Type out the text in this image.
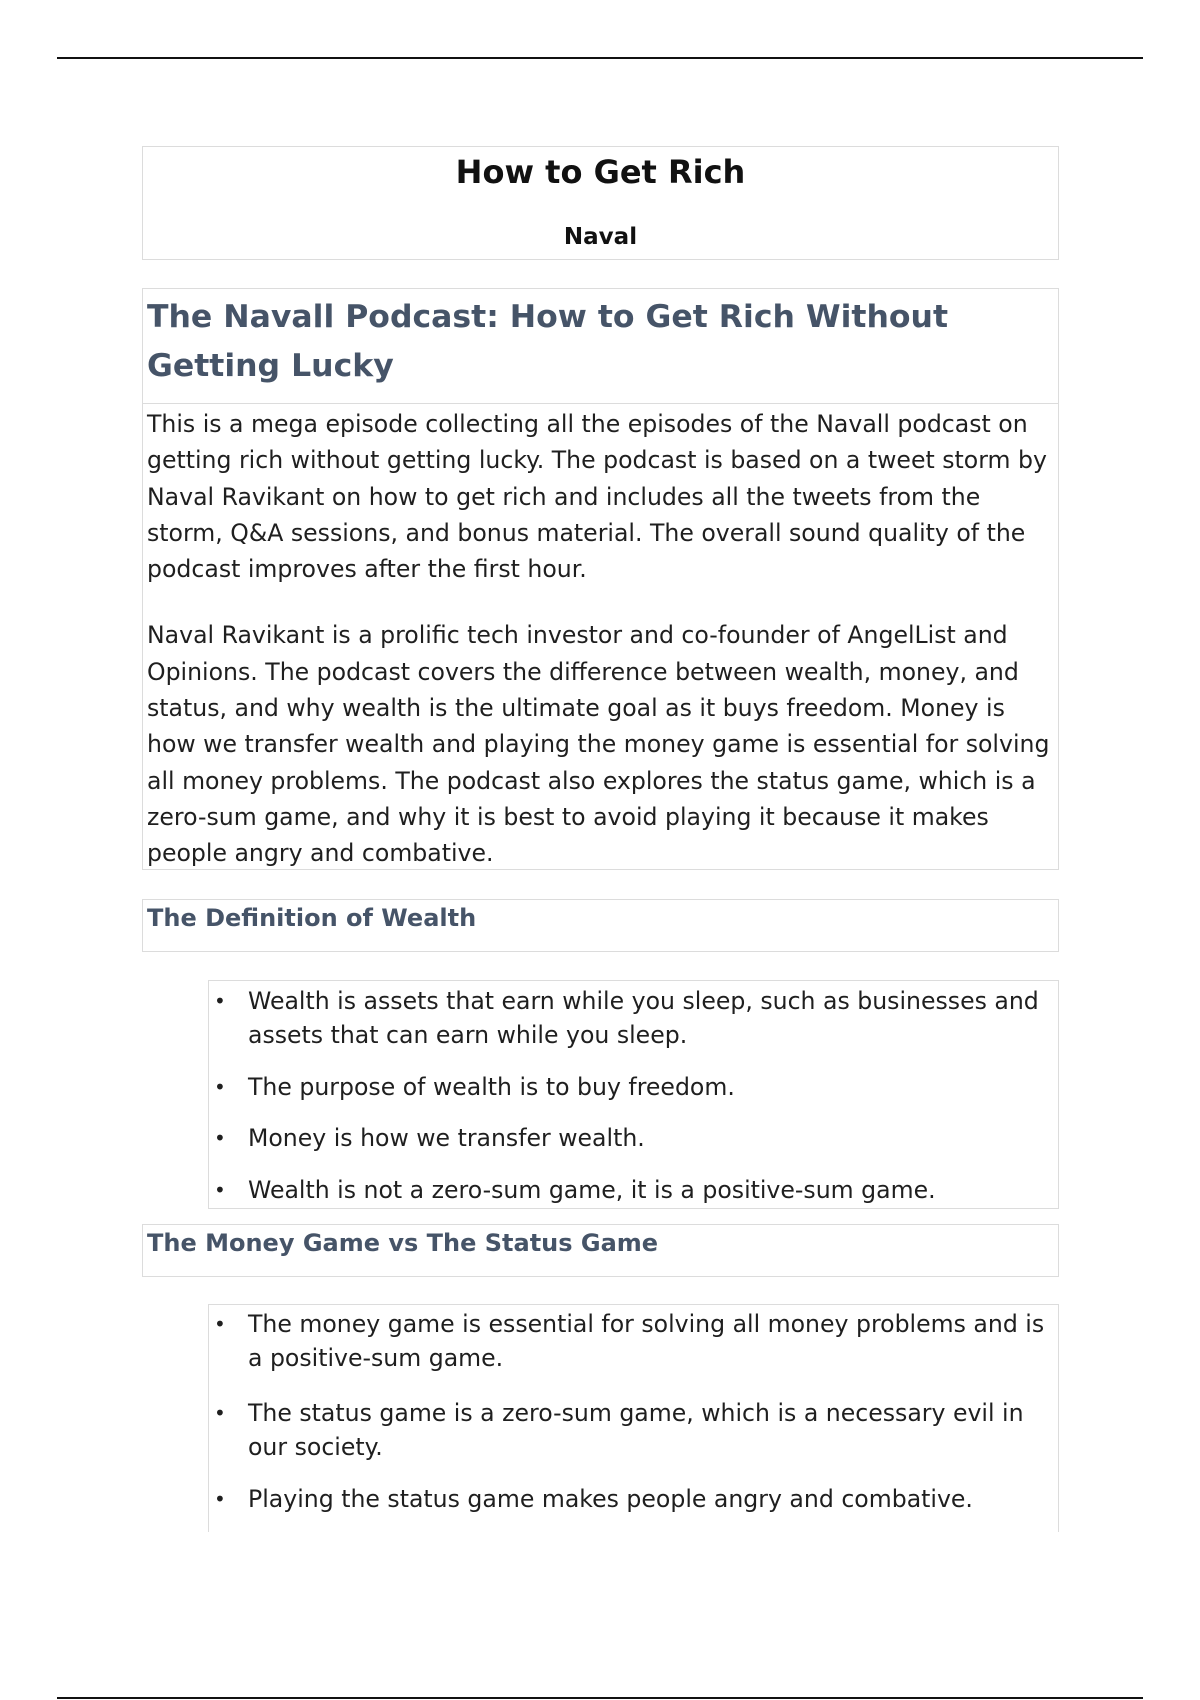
How to Get Rich
Naval
The Navall Podcast: How to Get Rich Without Getting Lucky

This is a mega episode collecting all the episodes of the Navall podcast on getting rich without getting lucky. The podcast is based on a tweet storm by Naval Ravikant on how to get rich and includes all the tweets from the storm, Q&A sessions, and bonus material. The overall sound quality of the podcast improves after the first hour.

Naval Ravikant is a prolific tech investor and co-founder of AngelList and Opinions. The podcast covers the difference between wealth, money, and status, and why wealth is the ultimate goal as it buys freedom. Money is how we transfer wealth and playing the money game is essential for solving all money problems. The podcast also explores the status game, which is a zero-sum game, and why it is best to avoid playing it because it makes people angry and combative.

The Definition of Wealth
• Wealth is assets that earn while you sleep, such as businesses and assets that can earn while you sleep.
• The purpose of wealth is to buy freedom.
• Money is how we transfer wealth.
• Wealth is not a zero-sum game, it is a positive-sum game.
The Money Game vs The Status Game
• The money game is essential for solving all money problems and is a positive-sum game.
• The status game is a zero-sum game, which is a necessary evil in our society.
• Playing the status game makes people angry and combative.
